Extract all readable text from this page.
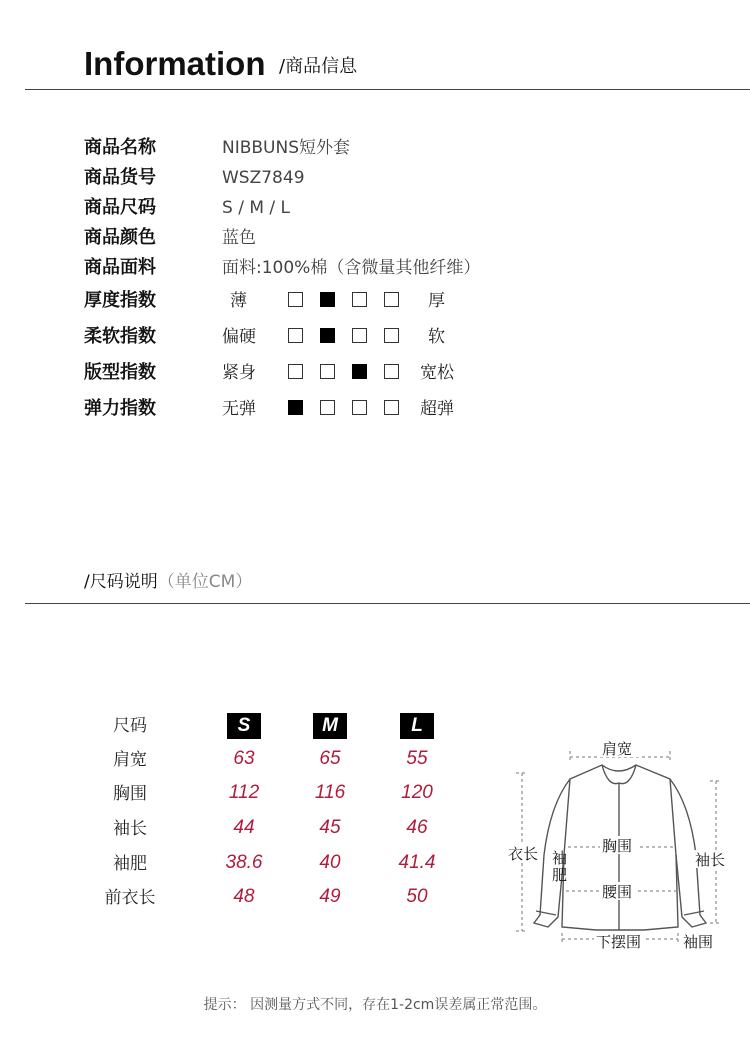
Information /商品信息
商品名称	NIBBUNS短外套
商品货号	WSZ7849
商品尺码	S / M / L
商品颜色	蓝色
商品面料	面料:100%棉（含微量其他纤维）
厚度指数	薄	厚
柔软指数	偏硬	软
版型指数	紧身	宽松
弹力指数	无弹	超弹
/尺码说明（单位CM）
尺码	S	M	L
肩宽	63	65	55
胸围	112	116	120
袖长	44	45	46
袖肥	38.6	40	41.4
前衣长	48	49	50
肩宽
胸围
腰围
衣长 袖
肥
袖长
下摆围	袖围
提示： 因测量方式不同，存在1-2cm误差属正常范围。
